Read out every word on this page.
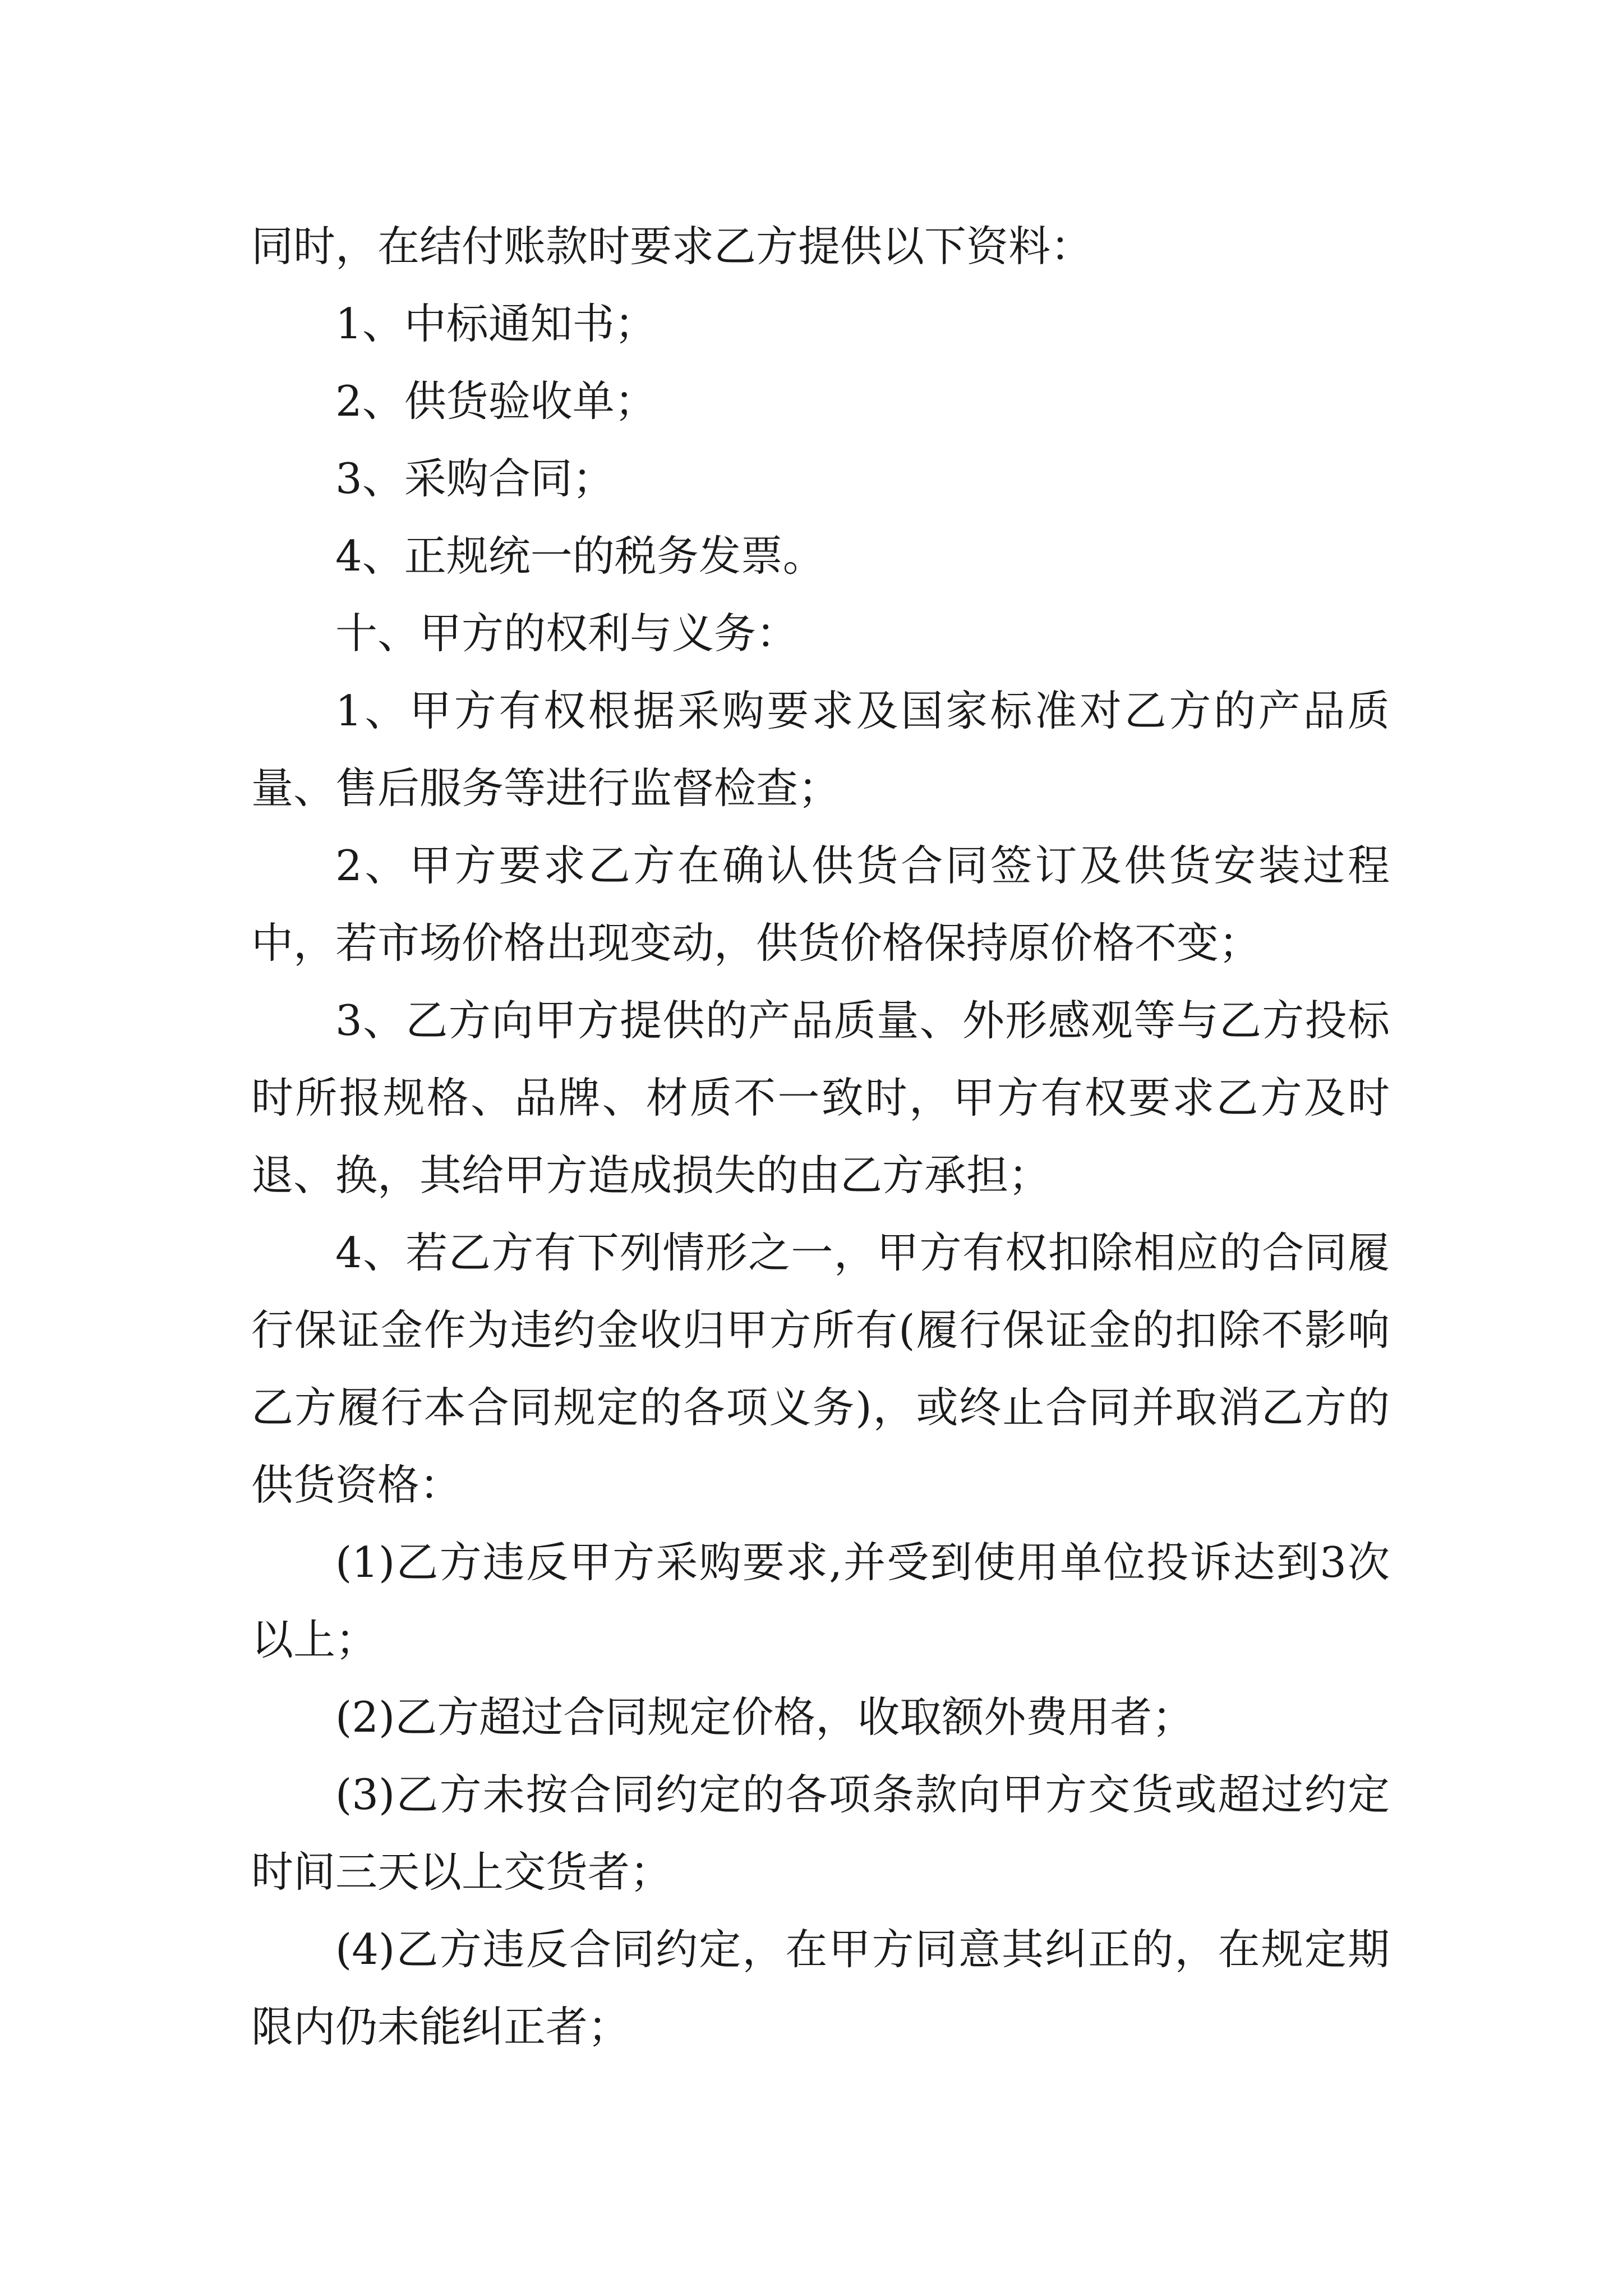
同时，在结付账款时要求乙方提供以下资料：

1、中标通知书；

2、供货验收单；

3、采购合同；

4、正规统一的税务发票。

十、甲方的权利与义务：

1、甲方有权根据采购要求及国家标准对乙方的产品质量、售后服务等进行监督检查；

2、甲方要求乙方在确认供货合同签订及供货安装过程中，若市场价格出现变动，供货价格保持原价格不变；

3、乙方向甲方提供的产品质量、外形感观等与乙方投标时所报规格、品牌、材质不一致时，甲方有权要求乙方及时退、换，其给甲方造成损失的由乙方承担；

4、若乙方有下列情形之一，甲方有权扣除相应的合同履行保证金作为违约金收归甲方所有(履行保证金的扣除不影响乙方履行本合同规定的各项义务)，或终止合同并取消乙方的供货资格：

(1)乙方违反甲方采购要求,并受到使用单位投诉达到3次以上；

(2)乙方超过合同规定价格，收取额外费用者；

(3)乙方未按合同约定的各项条款向甲方交货或超过约定时间三天以上交货者；

(4)乙方违反合同约定，在甲方同意其纠正的，在规定期限内仍未能纠正者；
